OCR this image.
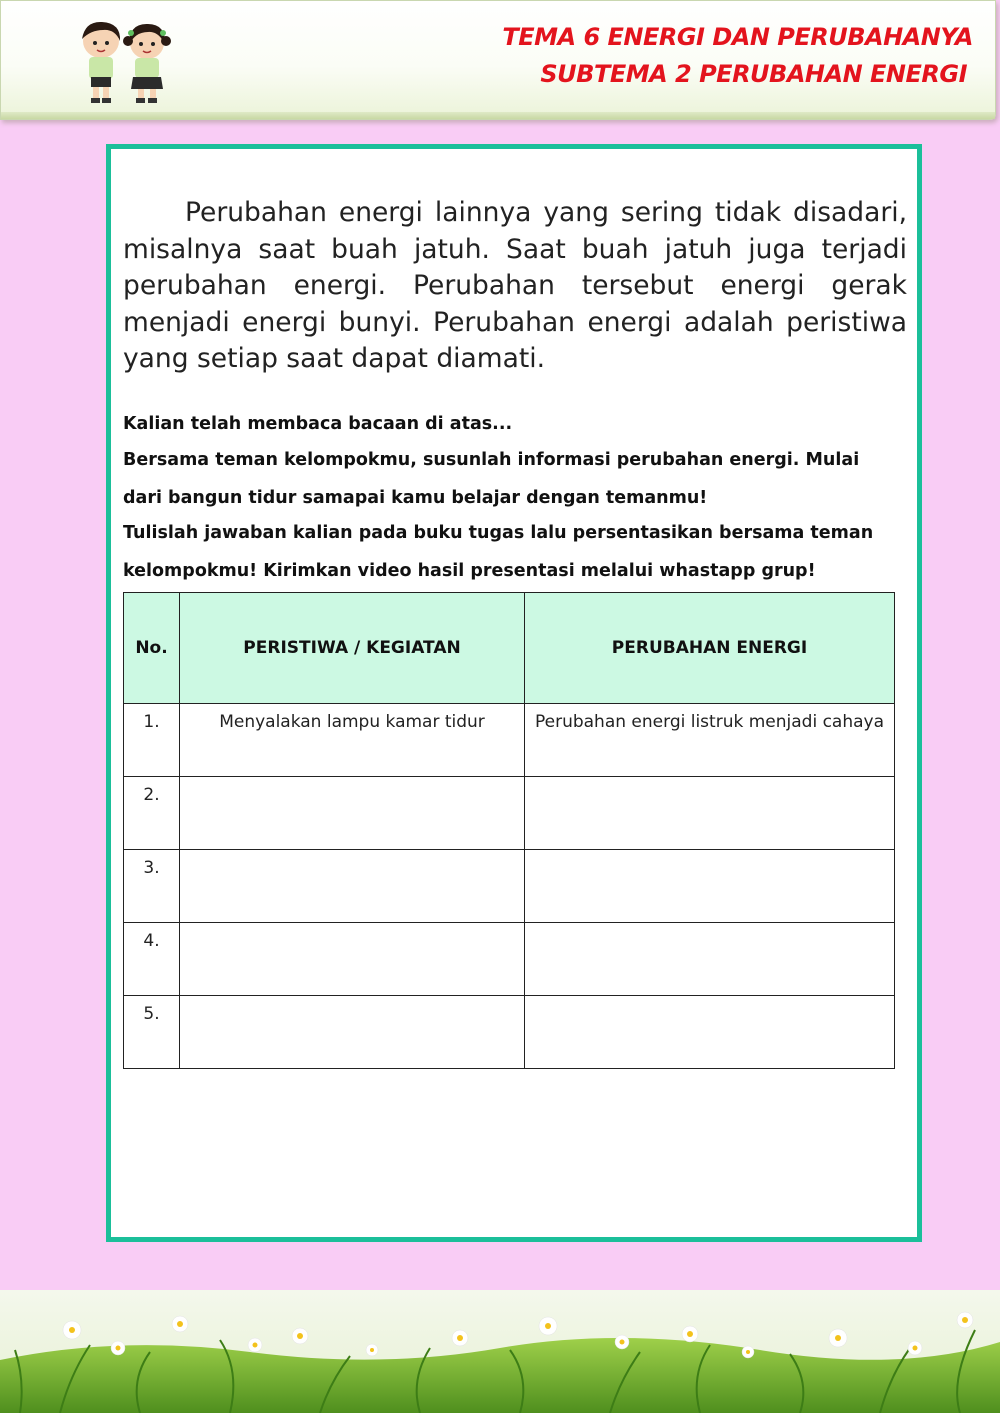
TEMA 6 ENERGI DAN PERUBAHANYA
SUBTEMA 2 PERUBAHAN ENERGI

Perubahan energi lainnya yang sering tidak disadari, misalnya saat buah jatuh. Saat buah jatuh juga terjadi perubahan energi. Perubahan tersebut energi gerak menjadi energi bunyi. Perubahan energi adalah peristiwa yang setiap saat dapat diamati.

Kalian telah membaca bacaan di atas...

Bersama teman kelompokmu, susunlah informasi perubahan energi. Mulai

dari bangun tidur samapai kamu belajar dengan temanmu!

Tulislah jawaban kalian pada buku tugas lalu persentasikan bersama teman

kelompokmu! Kirimkan video hasil presentasi melalui whastapp grup!

No.	PERISTIWA / KEGIATAN	PERUBAHAN ENERGI
1.	Menyalakan lampu kamar tidur	Perubahan energi listruk menjadi cahaya
2.		
3.		
4.		
5.		
